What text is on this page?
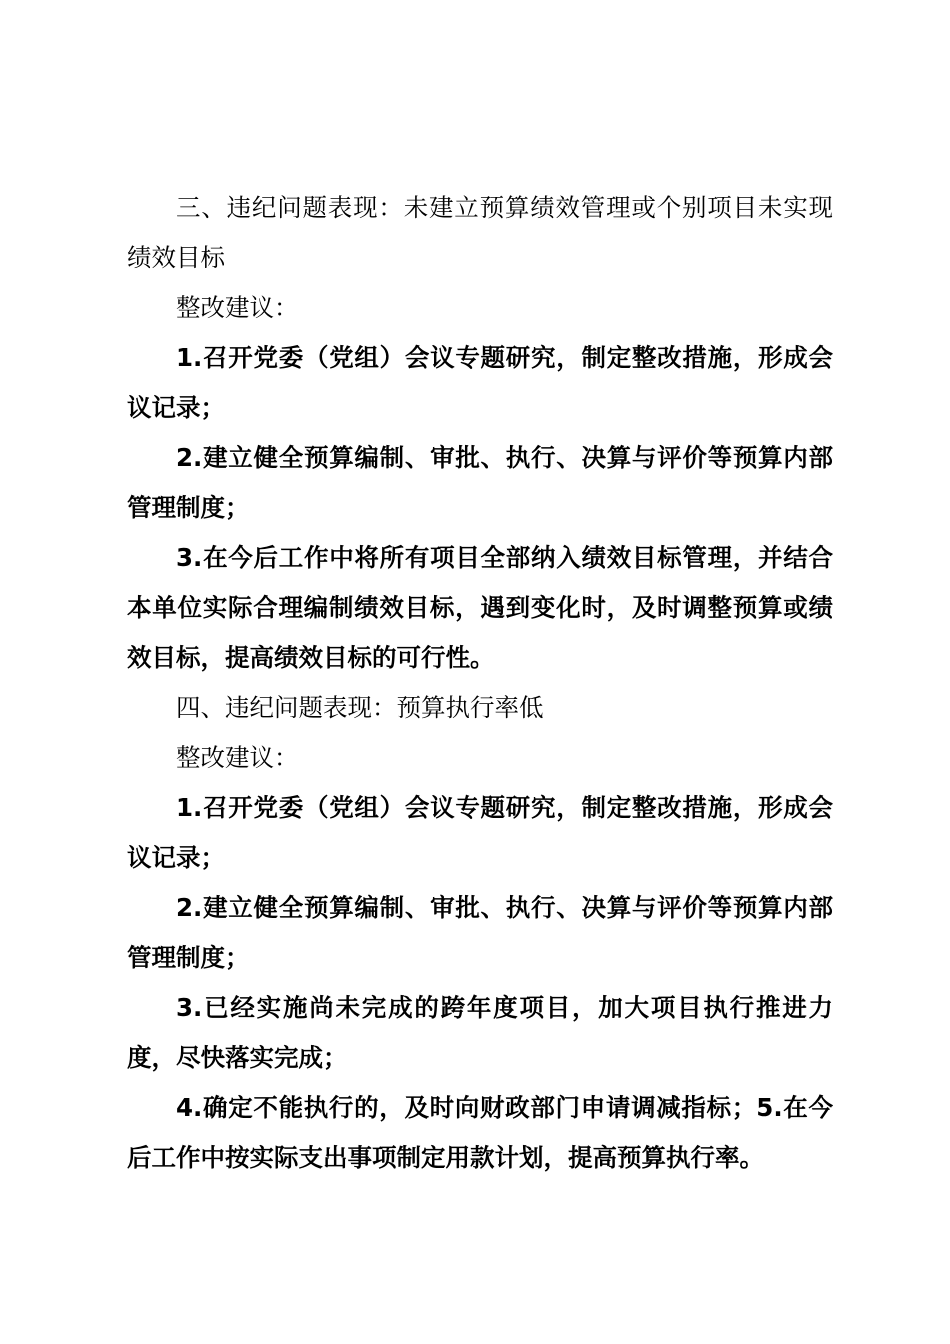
三、违纪问题表现：未建立预算绩效管理或个别项目未实现绩效目标

整改建议：

1.召开党委（党组）会议专题研究，制定整改措施，形成会议记录；

2.建立健全预算编制、审批、执行、决算与评价等预算内部管理制度；

3.在今后工作中将所有项目全部纳入绩效目标管理，并结合本单位实际合理编制绩效目标，遇到变化时，及时调整预算或绩效目标，提高绩效目标的可行性。

四、违纪问题表现：预算执行率低

整改建议：

1.召开党委（党组）会议专题研究，制定整改措施，形成会议记录；

2.建立健全预算编制、审批、执行、决算与评价等预算内部管理制度；

3.已经实施尚未完成的跨年度项目，加大项目执行推进力度，尽快落实完成；

4.确定不能执行的，及时向财政部门申请调减指标；5.在今后工作中按实际支出事项制定用款计划，提高预算执行率。
